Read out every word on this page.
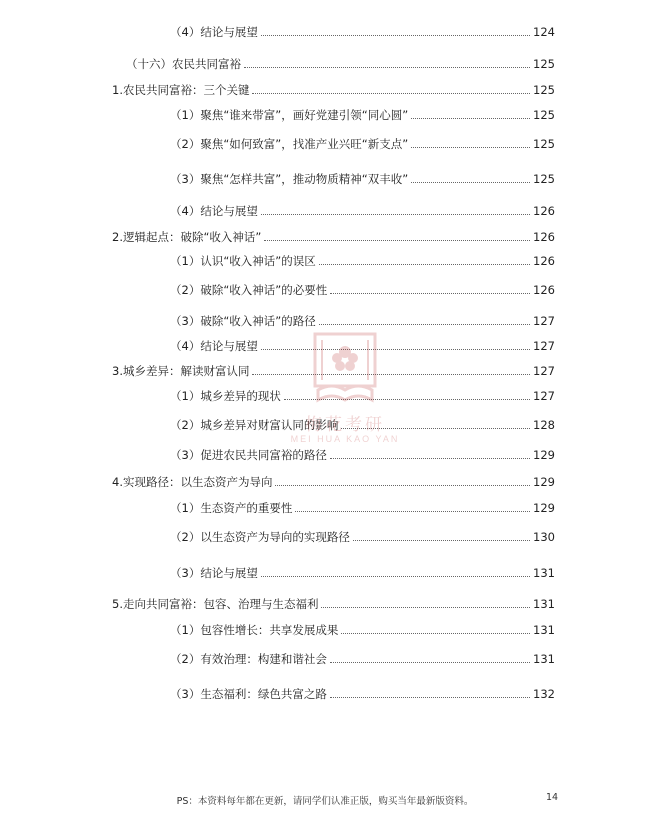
（4）结论与展望	124
（十六）农民共同富裕	125
1.农民共同富裕：三个关键	125
（1）聚焦“谁来带富”，画好党建引领“同心圆”	125
（2）聚焦“如何致富”，找准产业兴旺“新支点”	125
（3）聚焦“怎样共富”，推动物质精神“双丰收”	125
（4）结论与展望	126
2.逻辑起点：破除“收入神话”	126
（1）认识“收入神话”的误区	126
（2）破除“收入神话”的必要性	126
（3）破除“收入神话”的路径	127
（4）结论与展望	127
3.城乡差异：解读财富认同	127
（1）城乡差异的现状	127
（2）城乡差异对财富认同的影响	128
（3）促进农民共同富裕的路径	129
4.实现路径：以生态资产为导向	129
（1）生态资产的重要性	129
（2）以生态资产为导向的实现路径	130
（3）结论与展望	131
5.走向共同富裕：包容、治理与生态福利	131
（1）包容性增长：共享发展成果	131
（2）有效治理：构建和谐社会	131
（3）生态福利：绿色共富之路	132
梅花考研
MEI HUA KAO YAN
PS：本资料每年都在更新，请同学们认准正版，购买当年最新版资料。	14
